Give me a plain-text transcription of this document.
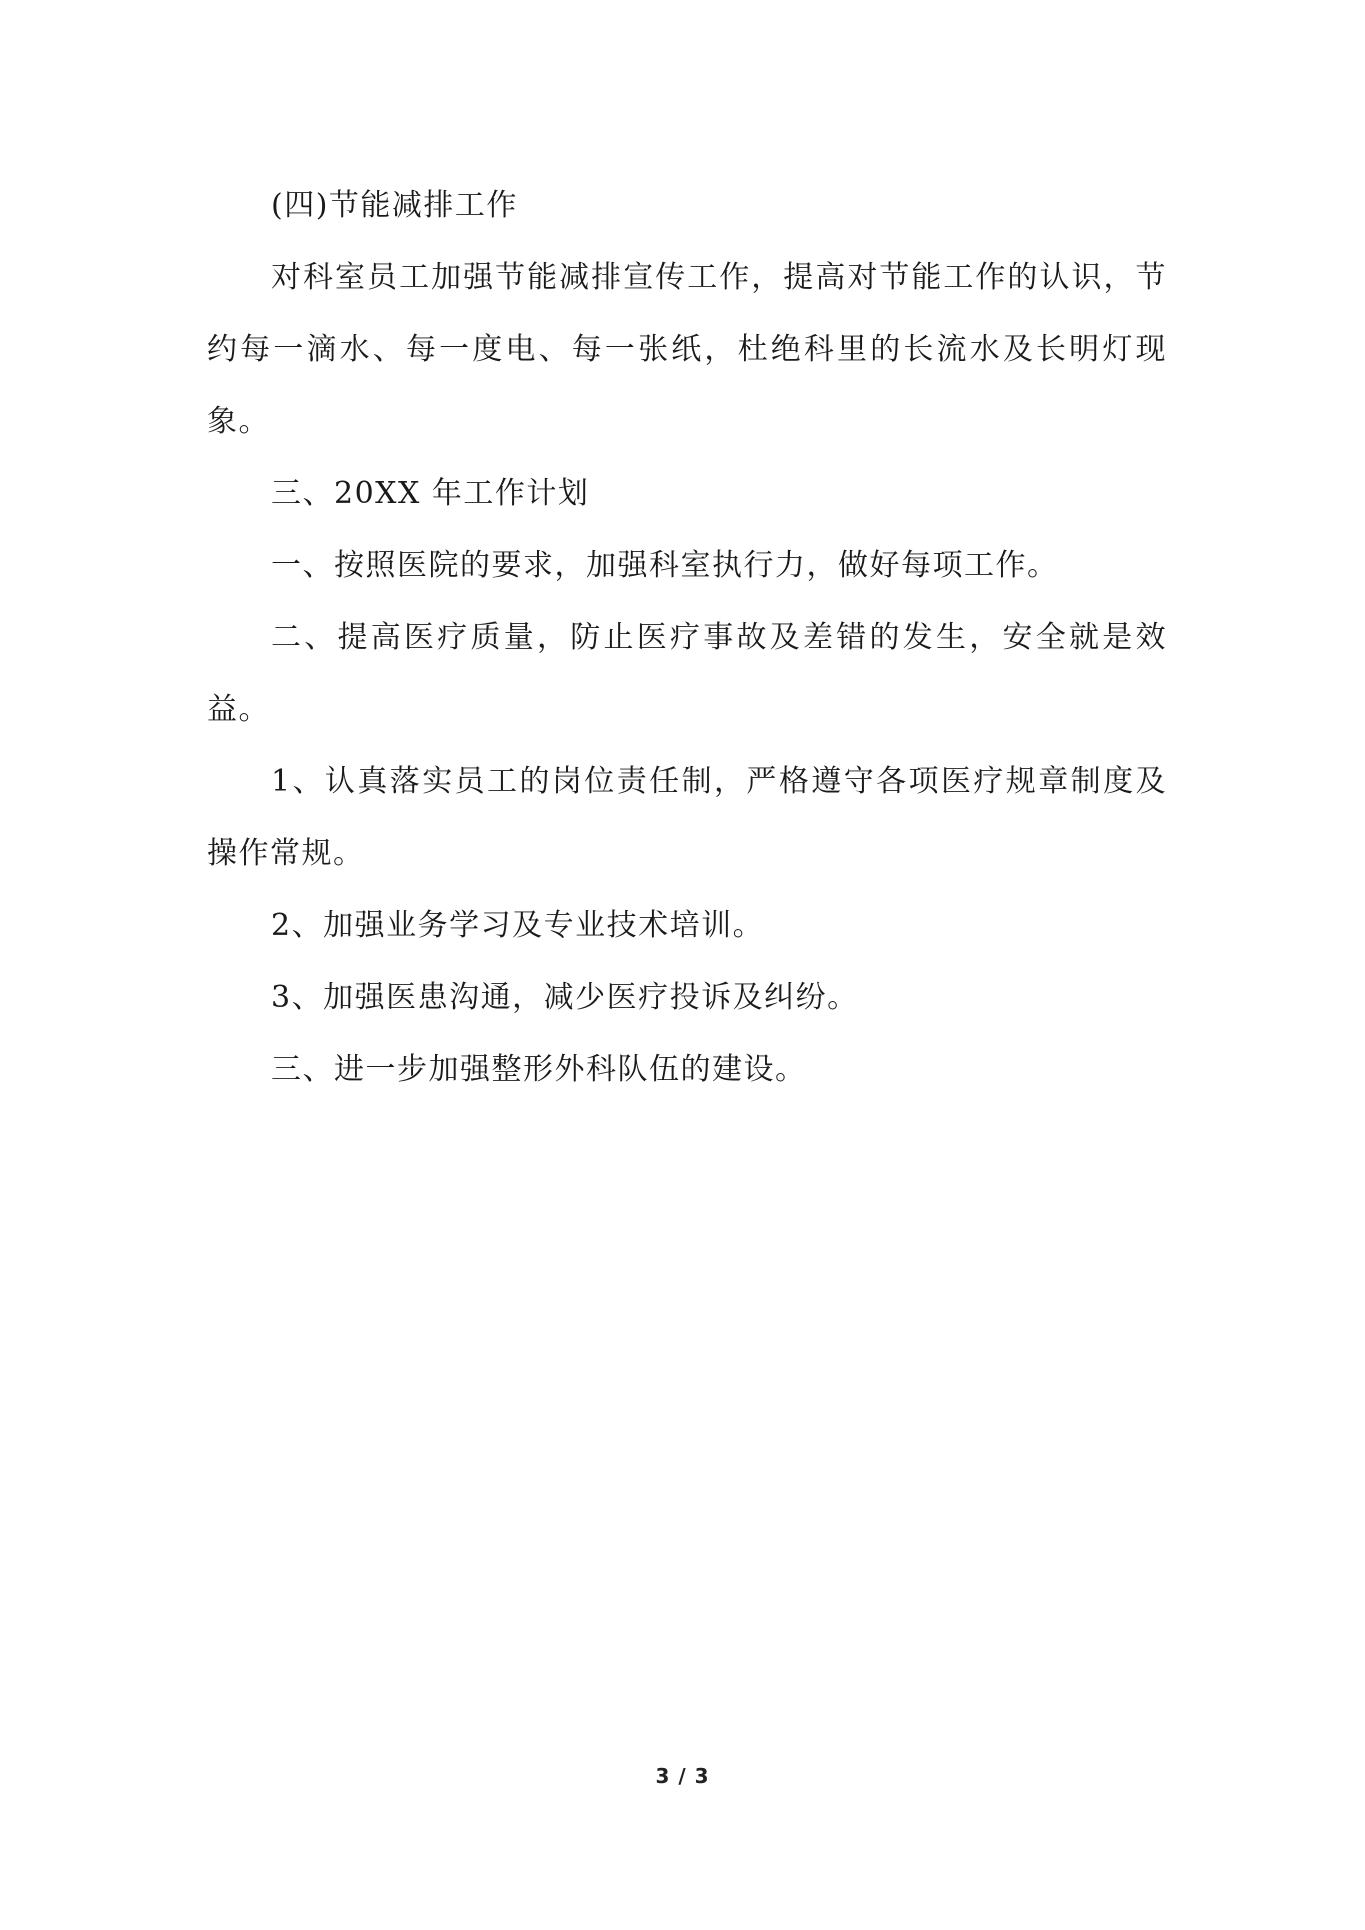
(四)节能减排工作

对科室员工加强节能减排宣传工作，提高对节能工作的认识，节约每一滴水、每一度电、每一张纸，杜绝科里的长流水及长明灯现象。

三、20XX 年工作计划

一、按照医院的要求，加强科室执行力，做好每项工作。

二、提高医疗质量，防止医疗事故及差错的发生，安全就是效益。

1、认真落实员工的岗位责任制，严格遵守各项医疗规章制度及操作常规。

2、加强业务学习及专业技术培训。

3、加强医患沟通，减少医疗投诉及纠纷。

三、进一步加强整形外科队伍的建设。

3 / 3
